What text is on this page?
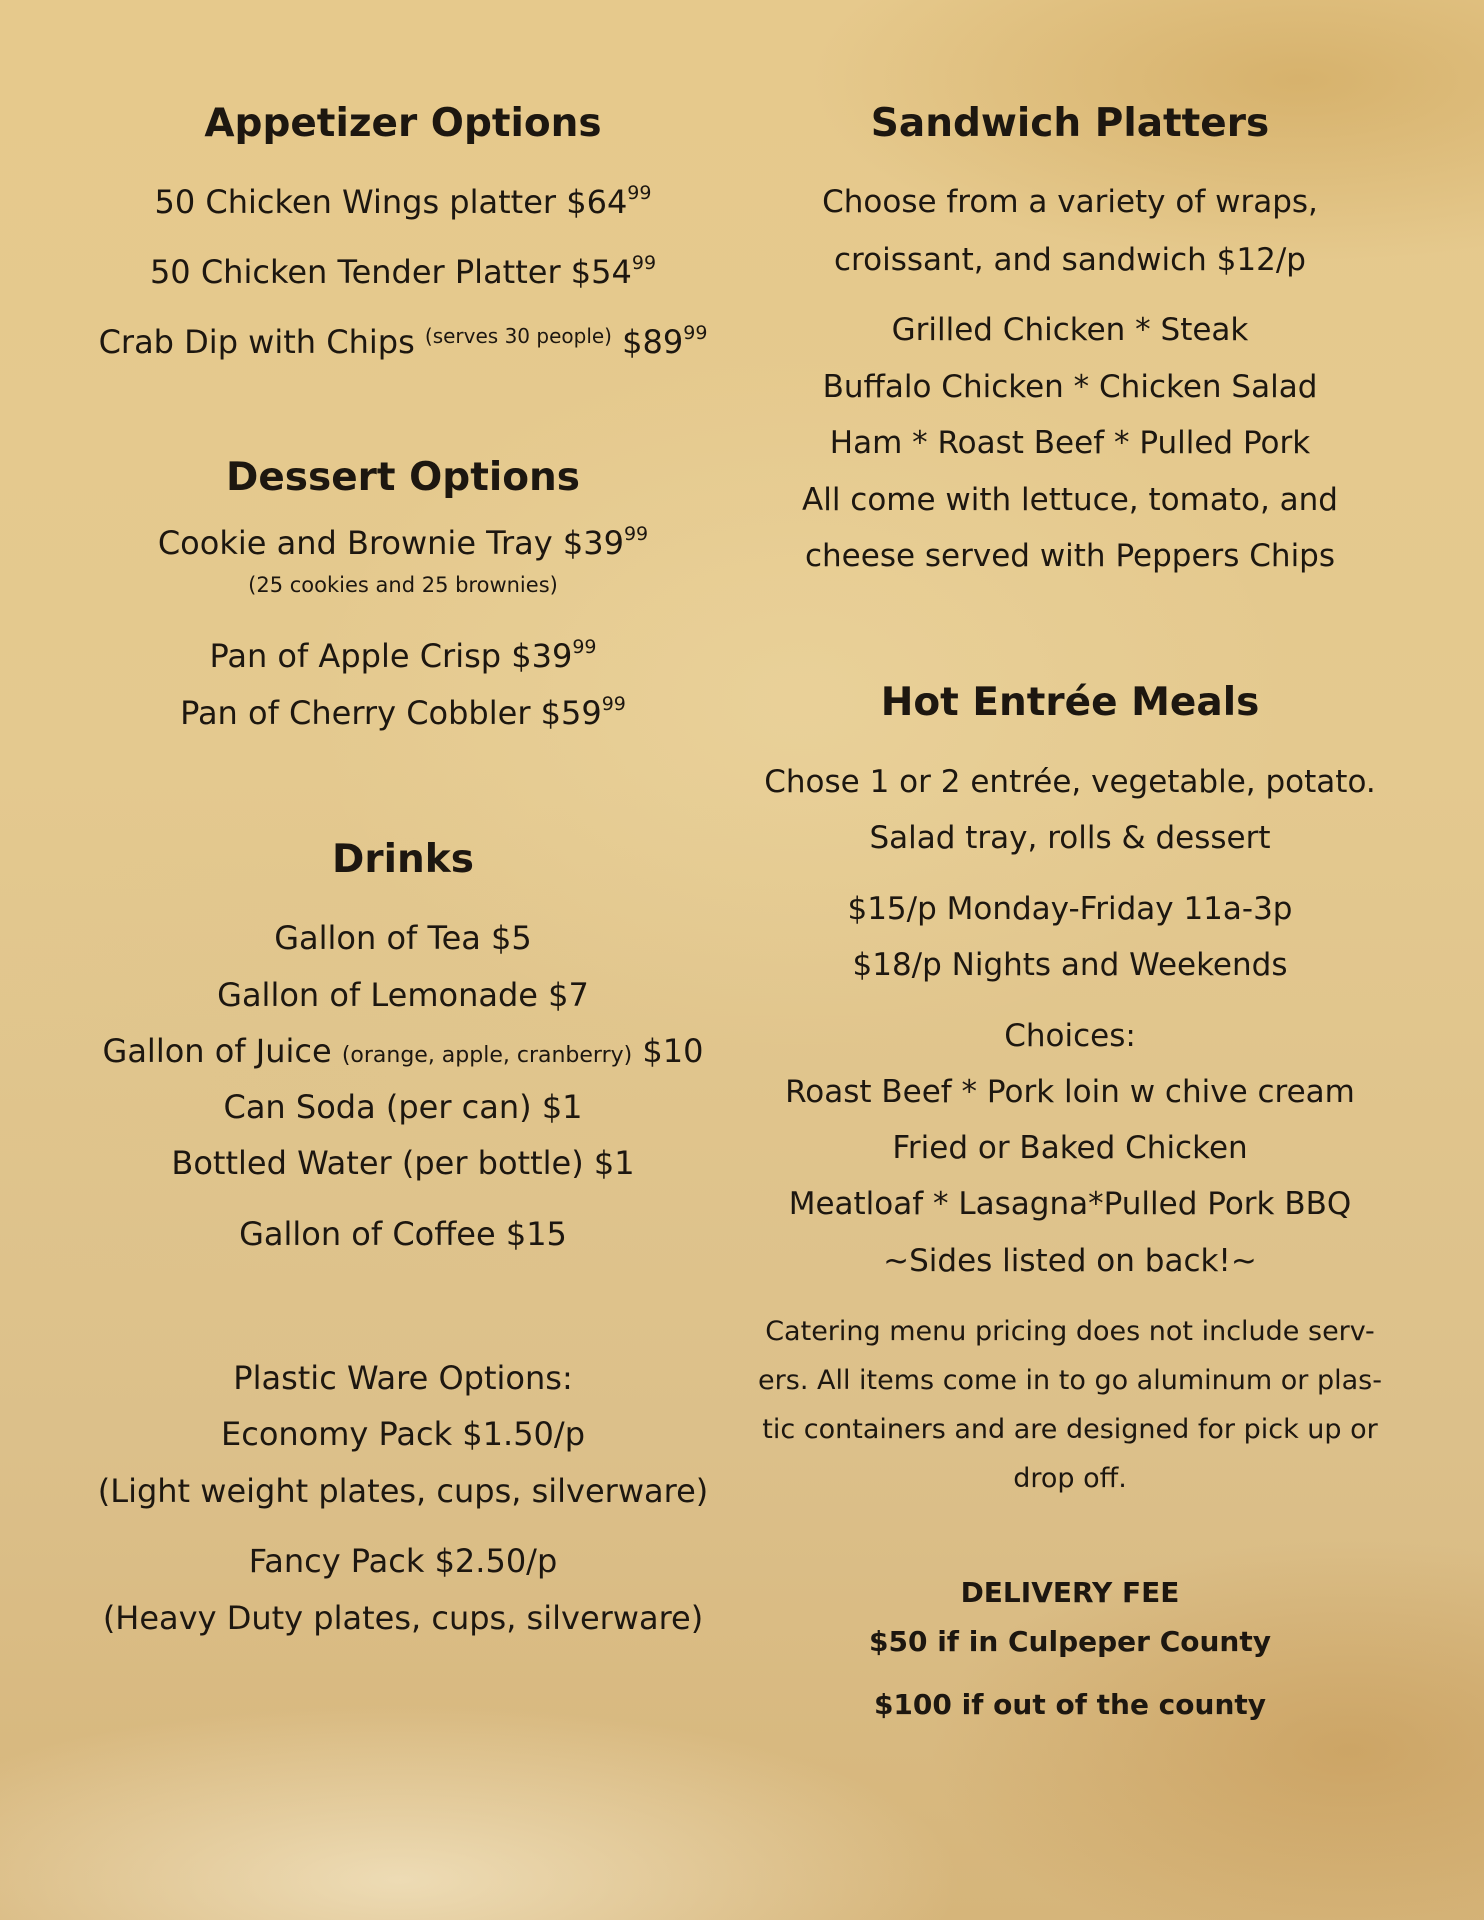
Appetizer Options
50 Chicken Wings platter $\$64^{99}$
50 Chicken Tender Platter $\$54^{99}$
Crab Dip with Chips $^{(serves 30 people)}$ $\$89^{99}$
Dessert Options
Cookie and Brownie Tray $\$39^{99}$
(25 cookies and 25 brownies)
Pan of Apple Crisp $\$39^{99}$
Pan of Cherry Cobbler $\$59^{99}$
Drinks
Gallon of Tea $5
Gallon of Lemonade $7
Gallon of Juice (orange, apple, cranberry) $10
Can Soda (per can) $1
Bottled Water (per bottle) $1
Gallon of Coffee $15
Plastic Ware Options:
Economy Pack $1.50/p
(Light weight plates, cups, silverware)
Fancy Pack $2.50/p
(Heavy Duty plates, cups, silverware)
Sandwich Platters
Choose from a variety of wraps,
croissant, and sandwich $12/p
Grilled Chicken * Steak
Buffalo Chicken * Chicken Salad
Ham * Roast Beef * Pulled Pork
All come with lettuce, tomato, and
cheese served with Peppers Chips
Hot Entrée Meals
Chose 1 or 2 entrée, vegetable, potato.
Salad tray, rolls & dessert
$15/p Monday-Friday 11a-3p
$18/p Nights and Weekends
Choices:
Roast Beef * Pork loin w chive cream
Fried or Baked Chicken
Meatloaf * Lasagna*Pulled Pork BBQ
~Sides listed on back!~
Catering menu pricing does not include serv-
ers. All items come in to go aluminum or plas-
tic containers and are designed for pick up or
drop off.
DELIVERY FEE
$50 if in Culpeper County
$100 if out of the county
